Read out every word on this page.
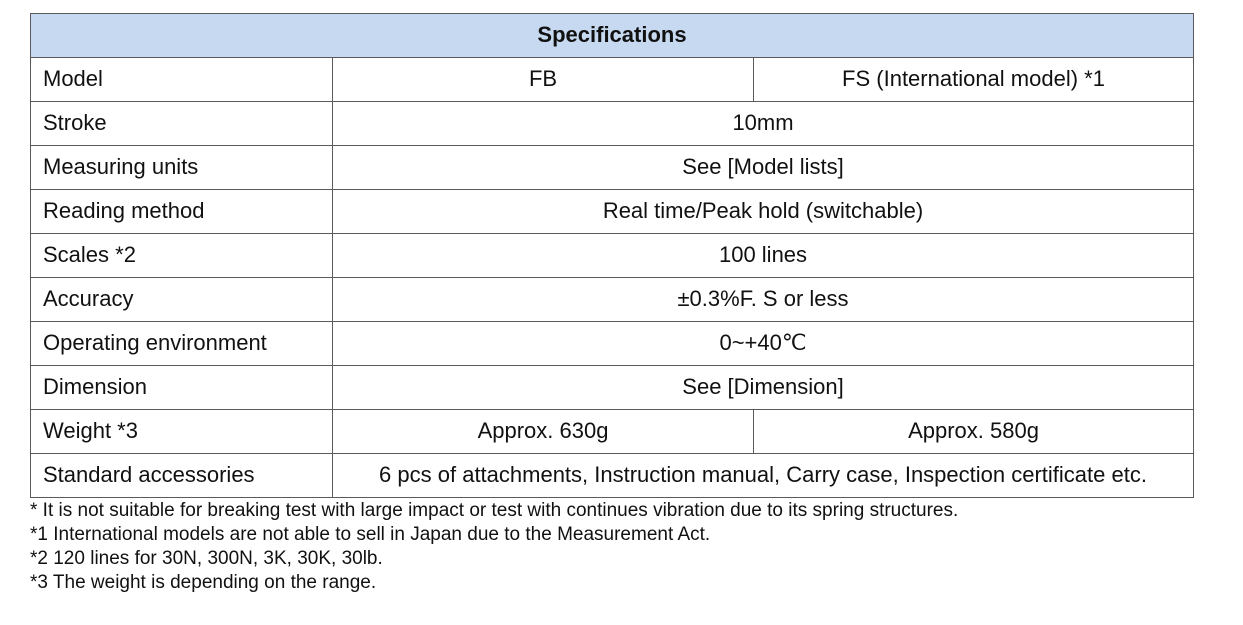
Specifications		
Model	FB	FS (International model) *1
Stroke	10mm	
Measuring units	See [Model lists]	
Reading method	Real time/Peak hold (switchable)	
Scales *2	100 lines	
Accuracy	±0.3%F. S or less	
Operating environment	0~+40℃	
Dimension	See [Dimension]	
Weight *3	Approx. 630g	Approx. 580g
Standard accessories	6 pcs of attachments, Instruction manual, Carry case, Inspection certificate etc.	
* It is not suitable for breaking test with large impact or test with continues vibration due to its spring structures.
*1 International models are not able to sell in Japan due to the Measurement Act.
*2 120 lines for 30N, 300N, 3K, 30K, 30lb.
*3 The weight is depending on the range.
